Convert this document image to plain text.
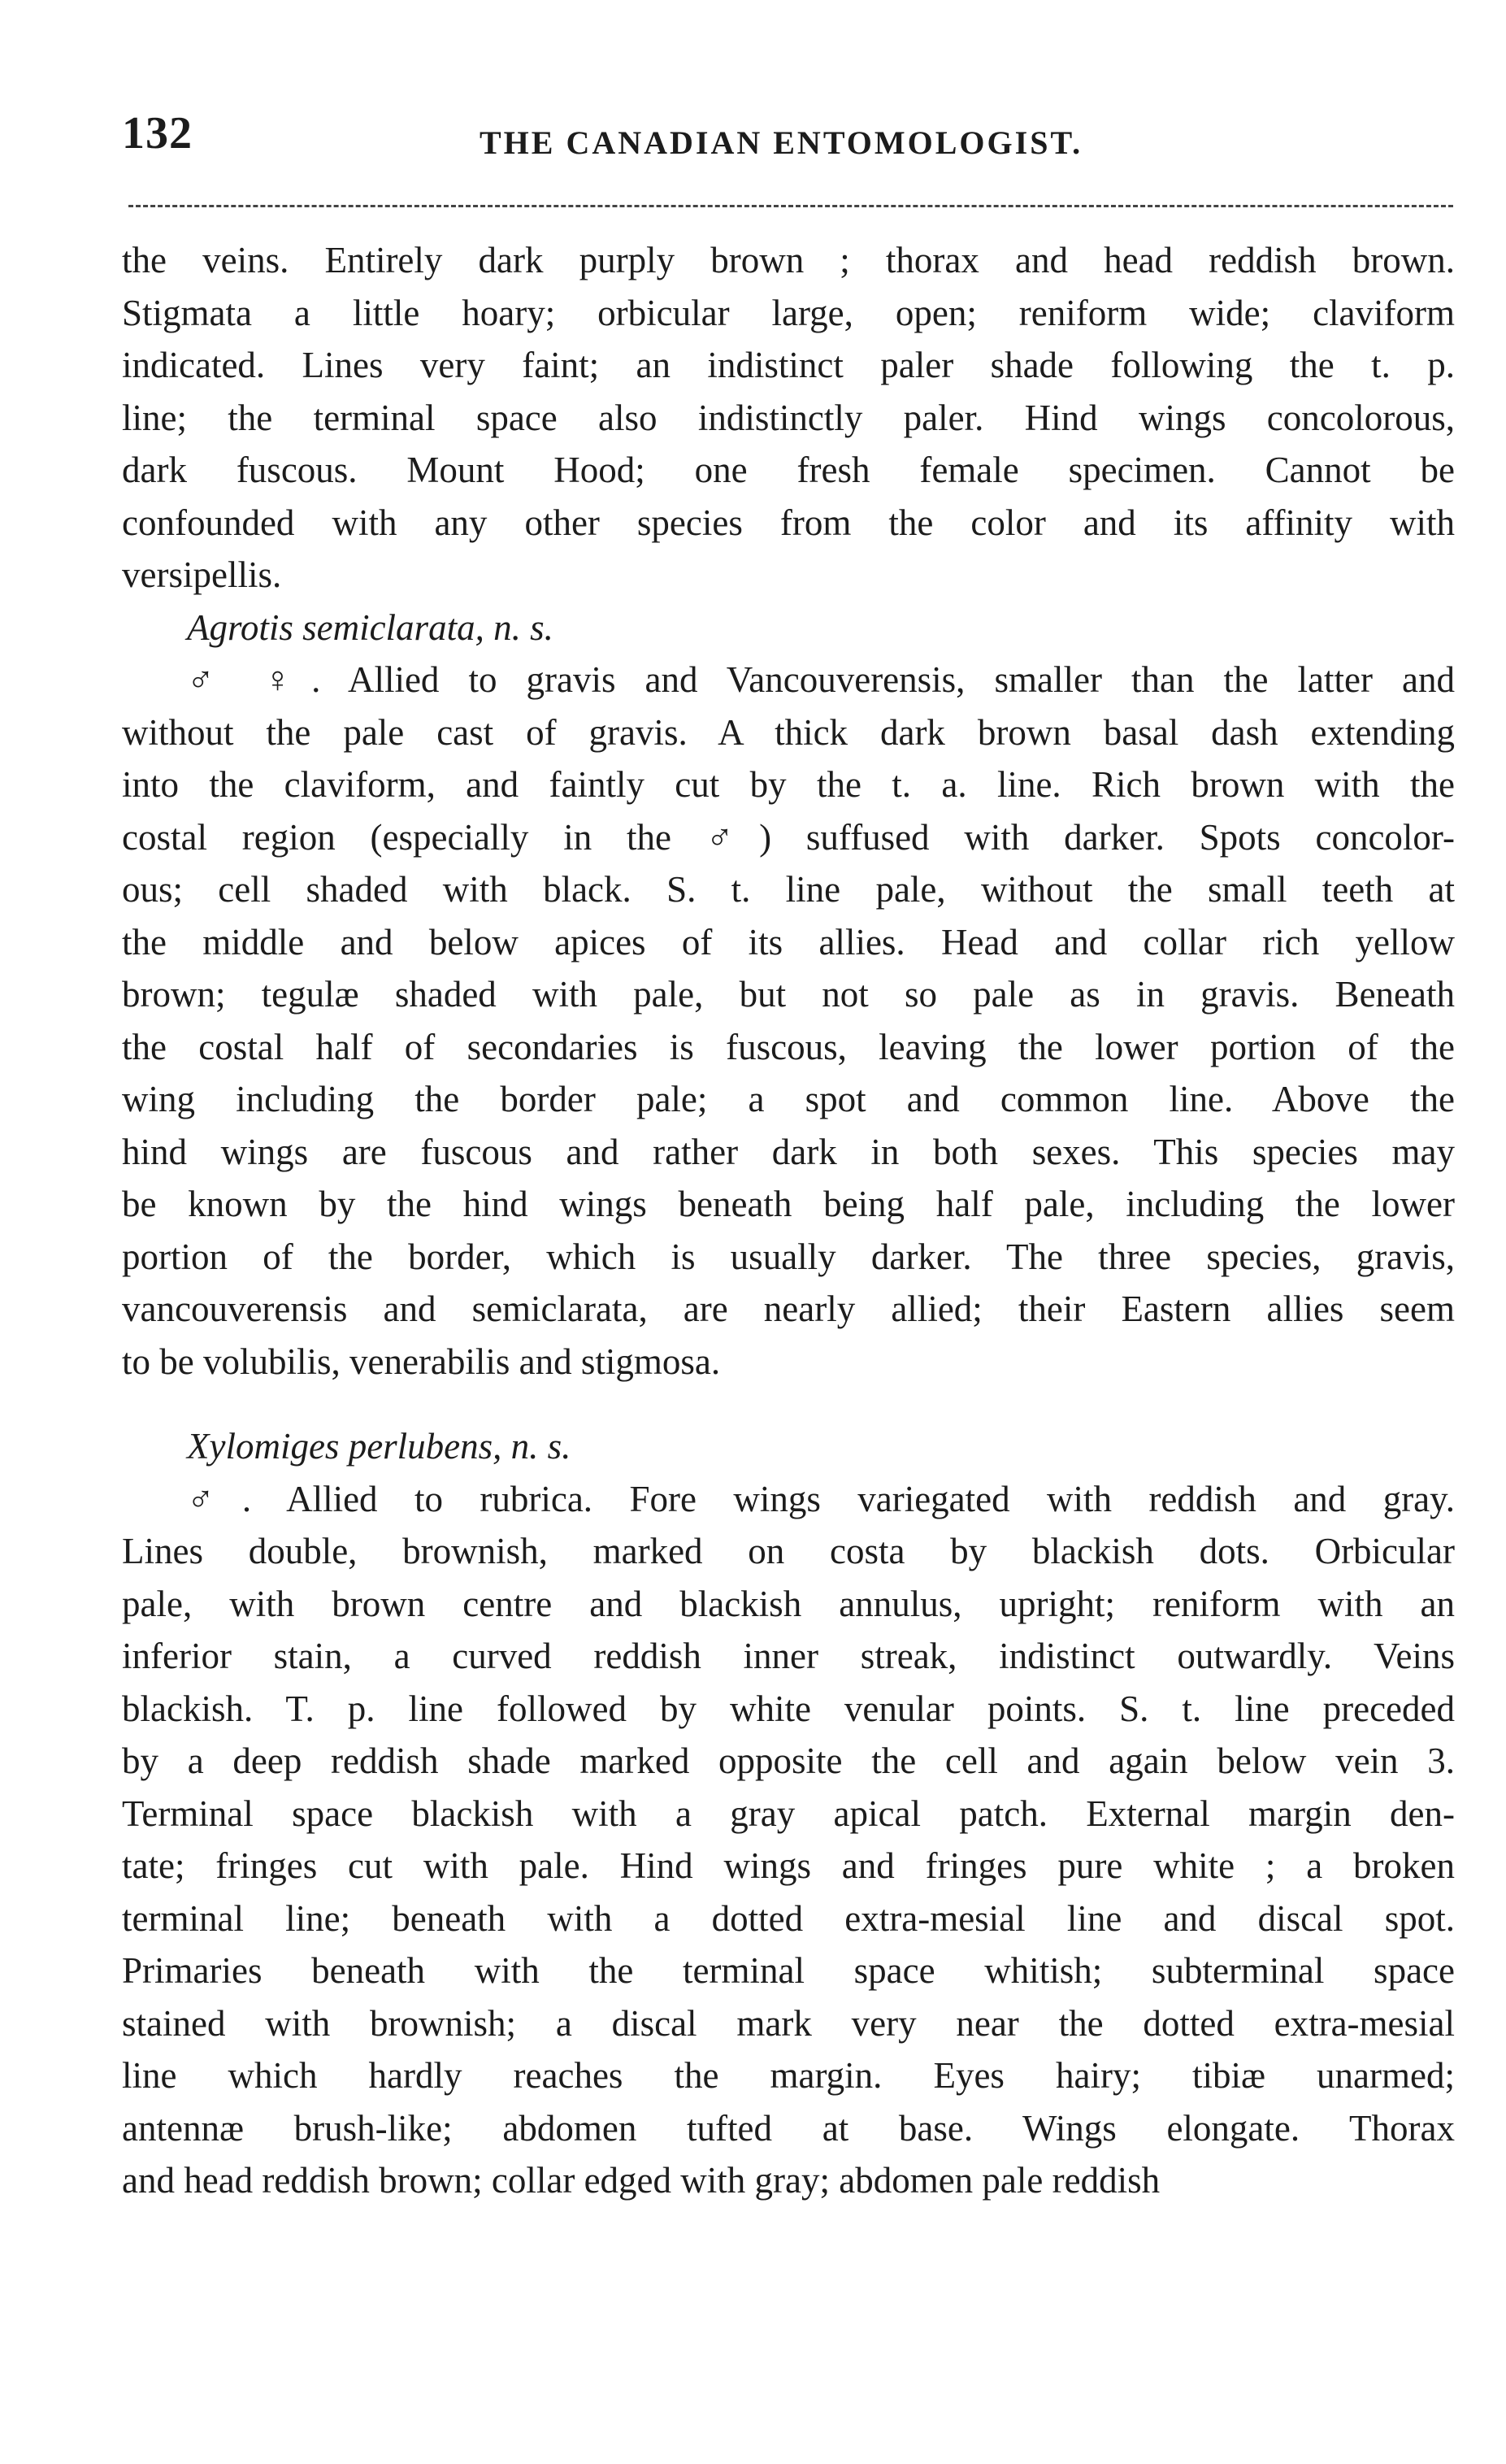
132	THE CANADIAN ENTOMOLOGIST.
the veins. Entirely dark purply brown ; thorax and head reddish brown.
Stigmata a little hoary; orbicular large, open; reniform wide; claviform
indicated. Lines very faint; an indistinct paler shade following the t. p.
line; the terminal space also indistinctly paler. Hind wings concolorous,
dark fuscous. Mount Hood; one fresh female specimen. Cannot be
confounded with any other species from the color and its affinity with
versipellis.
Agrotis semiclarata, n. s.
♂ ♀. Allied to gravis and Vancouverensis, smaller than the latter and
without the pale cast of gravis. A thick dark brown basal dash extending
into the claviform, and faintly cut by the t. a. line. Rich brown with the
costal region (especially in the ♂) suffused with darker. Spots concolor-
ous; cell shaded with black. S. t. line pale, without the small teeth at
the middle and below apices of its allies. Head and collar rich yellow
brown; tegulæ shaded with pale, but not so pale as in gravis. Beneath
the costal half of secondaries is fuscous, leaving the lower portion of the
wing including the border pale; a spot and common line. Above the
hind wings are fuscous and rather dark in both sexes. This species may
be known by the hind wings beneath being half pale, including the lower
portion of the border, which is usually darker. The three species, gravis,
vancouverensis and semiclarata, are nearly allied; their Eastern allies seem
to be volubilis, venerabilis and stigmosa.
Xylomiges perlubens, n. s.
♂. Allied to rubrica. Fore wings variegated with reddish and gray.
Lines double, brownish, marked on costa by blackish dots. Orbicular
pale, with brown centre and blackish annulus, upright; reniform with an
inferior stain, a curved reddish inner streak, indistinct outwardly. Veins
blackish. T. p. line followed by white venular points. S. t. line preceded
by a deep reddish shade marked opposite the cell and again below vein 3.
Terminal space blackish with a gray apical patch. External margin den-
tate; fringes cut with pale. Hind wings and fringes pure white ; a broken
terminal line; beneath with a dotted extra-mesial line and discal spot.
Primaries beneath with the terminal space whitish; subterminal space
stained with brownish; a discal mark very near the dotted extra-mesial
line which hardly reaches the margin. Eyes hairy; tibiæ unarmed;
antennæ brush-like; abdomen tufted at base. Wings elongate. Thorax
and head reddish brown; collar edged with gray; abdomen pale reddish
